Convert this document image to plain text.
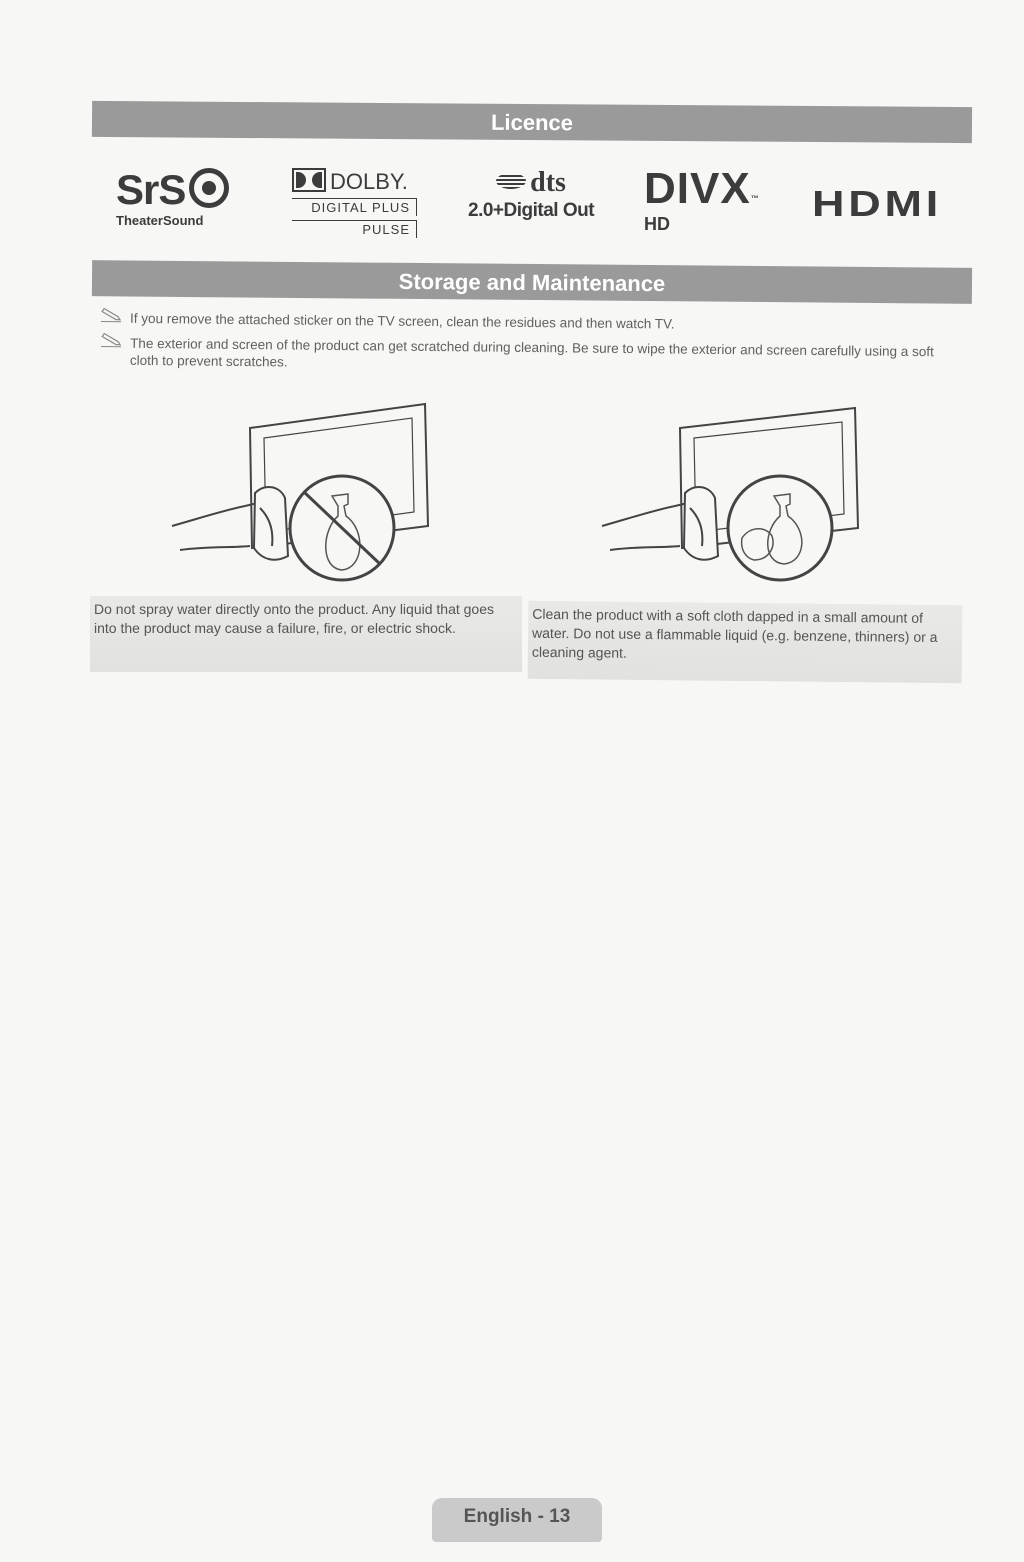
Licence
SrS
TheaterSound
DOLBY.
DIGITAL PLUS
PULSE
dts
2.0+Digital Out DIVX™
HD	HDMI
Storage and Maintenance
If you remove the attached sticker on the TV screen, clean the residues and then watch TV.
The exterior and screen of the product can get scratched during cleaning. Be sure to wipe the exterior and screen carefully using a soft cloth to prevent scratches.
Do not spray water directly onto the product. Any liquid that goes into the product may cause a failure, fire, or electric shock.
Clean the product with a soft cloth dapped in a small amount of water. Do not use a flammable liquid (e.g. benzene, thinners) or a cleaning agent.
English - 13
